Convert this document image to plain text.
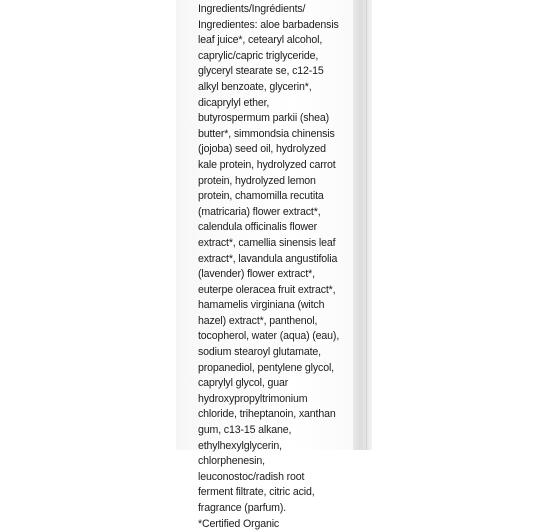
Ingredients/Ingrédients/
Ingredientes: aloe barbadensis
leaf juice*, cetearyl alcohol,
caprylic/capric triglyceride,
glyceryl stearate se, c12-15
alkyl benzoate, glycerin*,
dicaprylyl ether,
butyrospermum parkii (shea)
butter*, simmondsia chinensis
(jojoba) seed oil, hydrolyzed
kale protein, hydrolyzed carrot
protein, hydrolyzed lemon
protein, chamomilla recutita
(matricaria) flower extract*,
calendula officinalis flower
extract*, camellia sinensis leaf
extract*, lavandula angustifolia
(lavender) flower extract*,
euterpe oleracea fruit extract*,
hamamelis virginiana (witch
hazel) extract*, panthenol,
tocopherol, water (aqua) (eau),
sodium stearoyl glutamate,
propanediol, pentylene glycol,
caprylyl glycol, guar
hydroxypropyltrimonium
chloride, triheptanoin, xanthan
gum, c13-15 alkane,
ethylhexylglycerin,
chlorphenesin,
leuconostoc/radish root
ferment filtrate, citric acid,
fragrance (parfum).
*Certified Organic
